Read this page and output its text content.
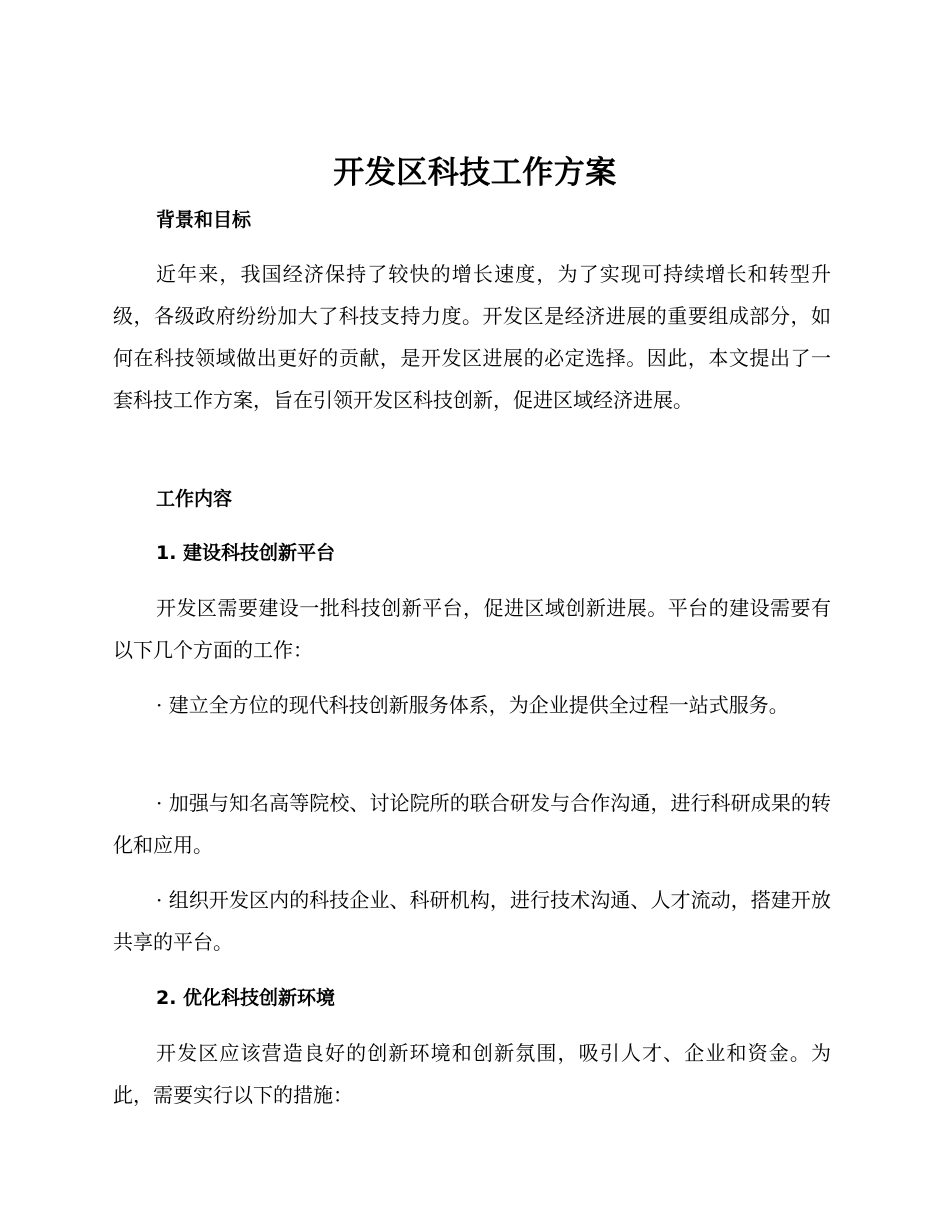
开发区科技工作方案
背景和目标
近年来，我国经济保持了较快的增长速度，为了实现可持续增长和转型升级，各级政府纷纷加大了科技支持力度。开发区是经济进展的重要组成部分，如何在科技领域做出更好的贡献，是开发区进展的必定选择。因此，本文提出了一套科技工作方案，旨在引领开发区科技创新，促进区域经济进展。
工作内容
1. 建设科技创新平台
开发区需要建设一批科技创新平台，促进区域创新进展。平台的建设需要有以下几个方面的工作：
· 建立全方位的现代科技创新服务体系，为企业提供全过程一站式服务。
· 加强与知名高等院校、讨论院所的联合研发与合作沟通，进行科研成果的转化和应用。
· 组织开发区内的科技企业、科研机构，进行技术沟通、人才流动，搭建开放共享的平台。
2. 优化科技创新环境
开发区应该营造良好的创新环境和创新氛围，吸引人才、企业和资金。为此，需要实行以下的措施：
